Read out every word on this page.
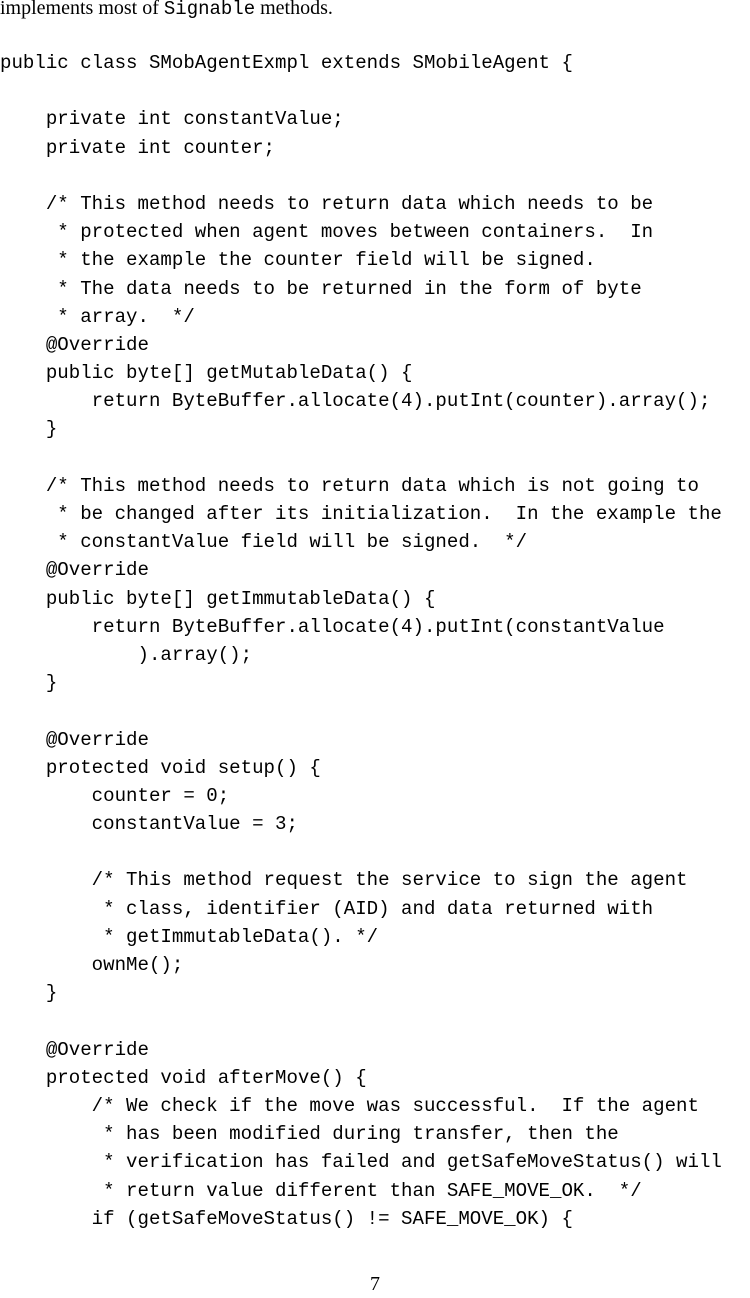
implements most of Signable methods.
public class SMobAgentExmpl extends SMobileAgent {
private int constantValue;
private int counter;
/* This method needs to return data which needs to be
* protected when agent moves between containers.  In
* the example the counter field will be signed.
* The data needs to be returned in the form of byte
* array.  */
@Override
public byte[] getMutableData() {
return ByteBuffer.allocate(4).putInt(counter).array();
}
/* This method needs to return data which is not going to
* be changed after its initialization.  In the example the
* constantValue field will be signed.  */
@Override
public byte[] getImmutableData() {
return ByteBuffer.allocate(4).putInt(constantValue
).array();
}
@Override
protected void setup() {
counter = 0;
constantValue = 3;
/* This method request the service to sign the agent
* class, identifier (AID) and data returned with
* getImmutableData(). */
ownMe();
}
@Override
protected void afterMove() {
/* We check if the move was successful.  If the agent
* has been modified during transfer, then the
* verification has failed and getSafeMoveStatus() will
* return value different than SAFE_MOVE_OK.  */
if (getSafeMoveStatus() != SAFE_MOVE_OK) {
7
